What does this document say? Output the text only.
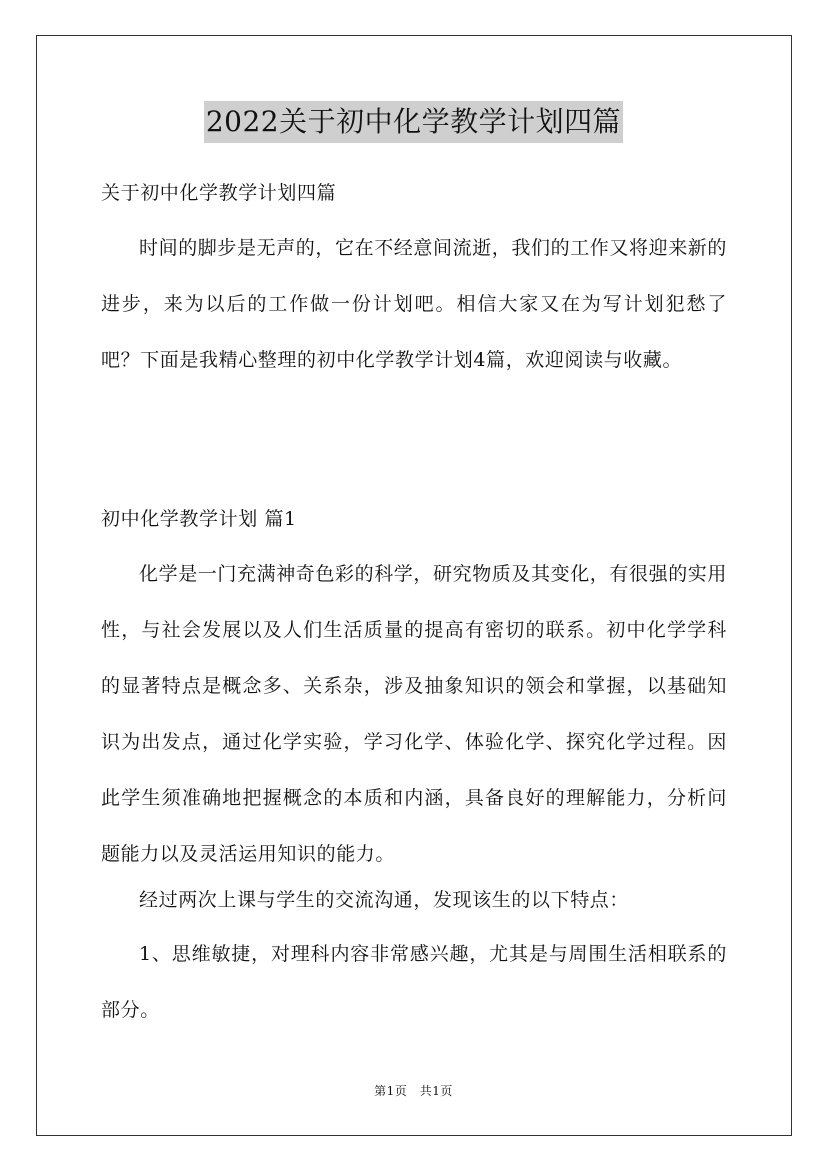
2022关于初中化学教学计划四篇

关于初中化学教学计划四篇

时间的脚步是无声的，它在不经意间流逝，我们的工作又将迎来新的进步，来为以后的工作做一份计划吧。相信大家又在为写计划犯愁了吧？下面是我精心整理的初中化学教学计划4篇，欢迎阅读与收藏。

初中化学教学计划 篇1

化学是一门充满神奇色彩的科学，研究物质及其变化，有很强的实用性，与社会发展以及人们生活质量的提高有密切的联系。初中化学学科的显著特点是概念多、关系杂，涉及抽象知识的领会和掌握，以基础知识为出发点，通过化学实验，学习化学、体验化学、探究化学过程。因此学生须准确地把握概念的本质和内涵，具备良好的理解能力，分析问题能力以及灵活运用知识的能力。

经过两次上课与学生的交流沟通，发现该生的以下特点：

1、思维敏捷，对理科内容非常感兴趣，尤其是与周围生活相联系的部分。

第1页　共1页
